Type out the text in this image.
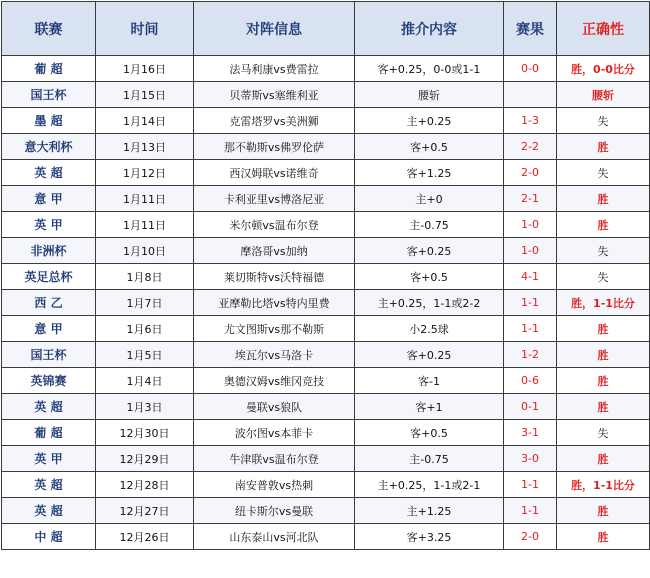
联赛	时间	对阵信息	推介内容	赛果	正确性
葡 超	1月16日	法马利康vs费雷拉	客+0.25，0-0或1-1	0-0	胜，0-0比分
国王杯	1月15日	贝蒂斯vs塞维利亚	腰斩		腰斩
墨 超	1月14日	克雷塔罗vs美洲狮	主+0.25	1-3	失
意大利杯	1月13日	那不勒斯vs佛罗伦萨	客+0.5	2-2	胜
英 超	1月12日	西汉姆联vs诺维奇	客+1.25	2-0	失
意 甲	1月11日	卡利亚里vs博洛尼亚	主+0	2-1	胜
英 甲	1月11日	米尔顿vs温布尔登	主-0.75	1-0	胜
非洲杯	1月10日	摩洛哥vs加纳	客+0.25	1-0	失
英足总杯	1月8日	莱切斯特vs沃特福德	客+0.5	4-1	失
西 乙	1月7日	亚摩勒比塔vs特内里费	主+0.25，1-1或2-2	1-1	胜，1-1比分
意 甲	1月6日	尤文图斯vs那不勒斯	小2.5球	1-1	胜
国王杯	1月5日	埃瓦尔vs马洛卡	客+0.25	1-2	胜
英锦赛	1月4日	奥德汉姆vs维冈竞技	客-1	0-6	胜
英 超	1月3日	曼联vs狼队	客+1	0-1	胜
葡 超	12月30日	波尔图vs本菲卡	客+0.5	3-1	失
英 甲	12月29日	牛津联vs温布尔登	主-0.75	3-0	胜
英 超	12月28日	南安普敦vs热刺	主+0.25，1-1或2-1	1-1	胜，1-1比分
英 超	12月27日	纽卡斯尔vs曼联	主+1.25	1-1	胜
中 超	12月26日	山东泰山vs河北队	客+3.25	2-0	胜
